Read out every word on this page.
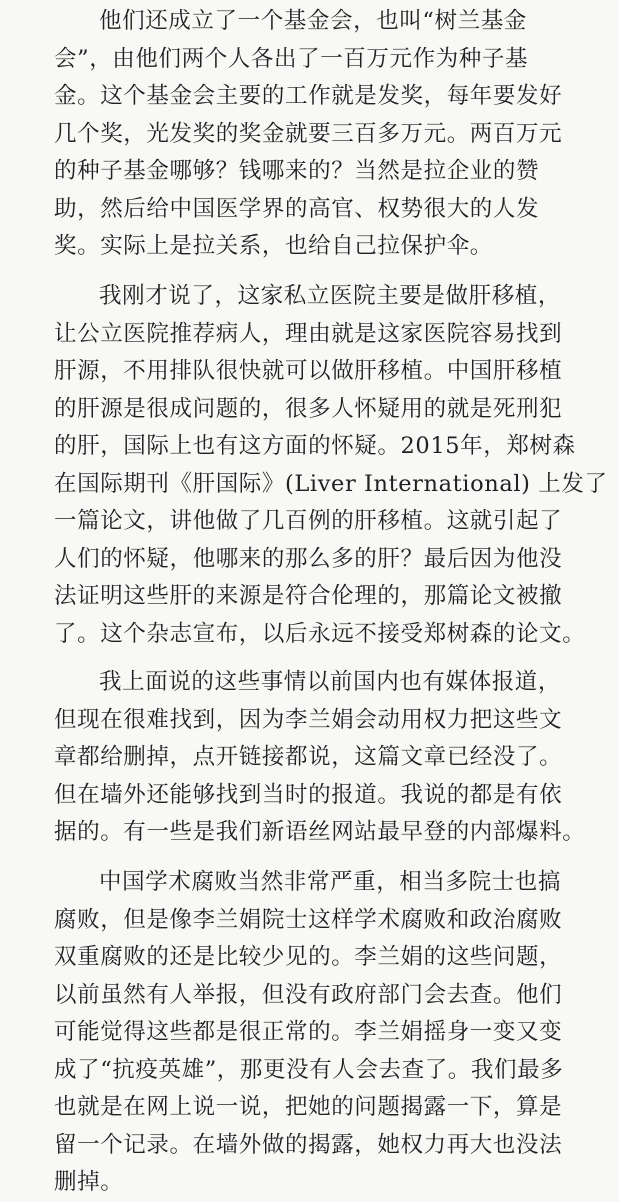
他们还成立了一个基金会，也叫“树兰基金
会”，由他们两个人各出了一百万元作为种子基
金。这个基金会主要的工作就是发奖，每年要发好
几个奖，光发奖的奖金就要三百多万元。两百万元
的种子基金哪够？钱哪来的？当然是拉企业的赞
助，然后给中国医学界的高官、权势很大的人发
奖。实际上是拉关系，也给自己拉保护伞。
我刚才说了，这家私立医院主要是做肝移植，
让公立医院推荐病人，理由就是这家医院容易找到
肝源，不用排队很快就可以做肝移植。中国肝移植
的肝源是很成问题的，很多人怀疑用的就是死刑犯
的肝，国际上也有这方面的怀疑。2015年，郑树森
在国际期刊《肝国际》(Liver International) 上发了
一篇论文，讲他做了几百例的肝移植。这就引起了
人们的怀疑，他哪来的那么多的肝？最后因为他没
法证明这些肝的来源是符合伦理的，那篇论文被撤
了。这个杂志宣布，以后永远不接受郑树森的论文。
我上面说的这些事情以前国内也有媒体报道，
但现在很难找到，因为李兰娟会动用权力把这些文
章都给删掉，点开链接都说，这篇文章已经没了。
但在墙外还能够找到当时的报道。我说的都是有依
据的。有一些是我们新语丝网站最早登的内部爆料。
中国学术腐败当然非常严重，相当多院士也搞
腐败，但是像李兰娟院士这样学术腐败和政治腐败
双重腐败的还是比较少见的。李兰娟的这些问题，
以前虽然有人举报，但没有政府部门会去查。他们
可能觉得这些都是很正常的。李兰娟摇身一变又变
成了“抗疫英雄”，那更没有人会去查了。我们最多
也就是在网上说一说，把她的问题揭露一下，算是
留一个记录。在墙外做的揭露，她权力再大也没法
删掉。
